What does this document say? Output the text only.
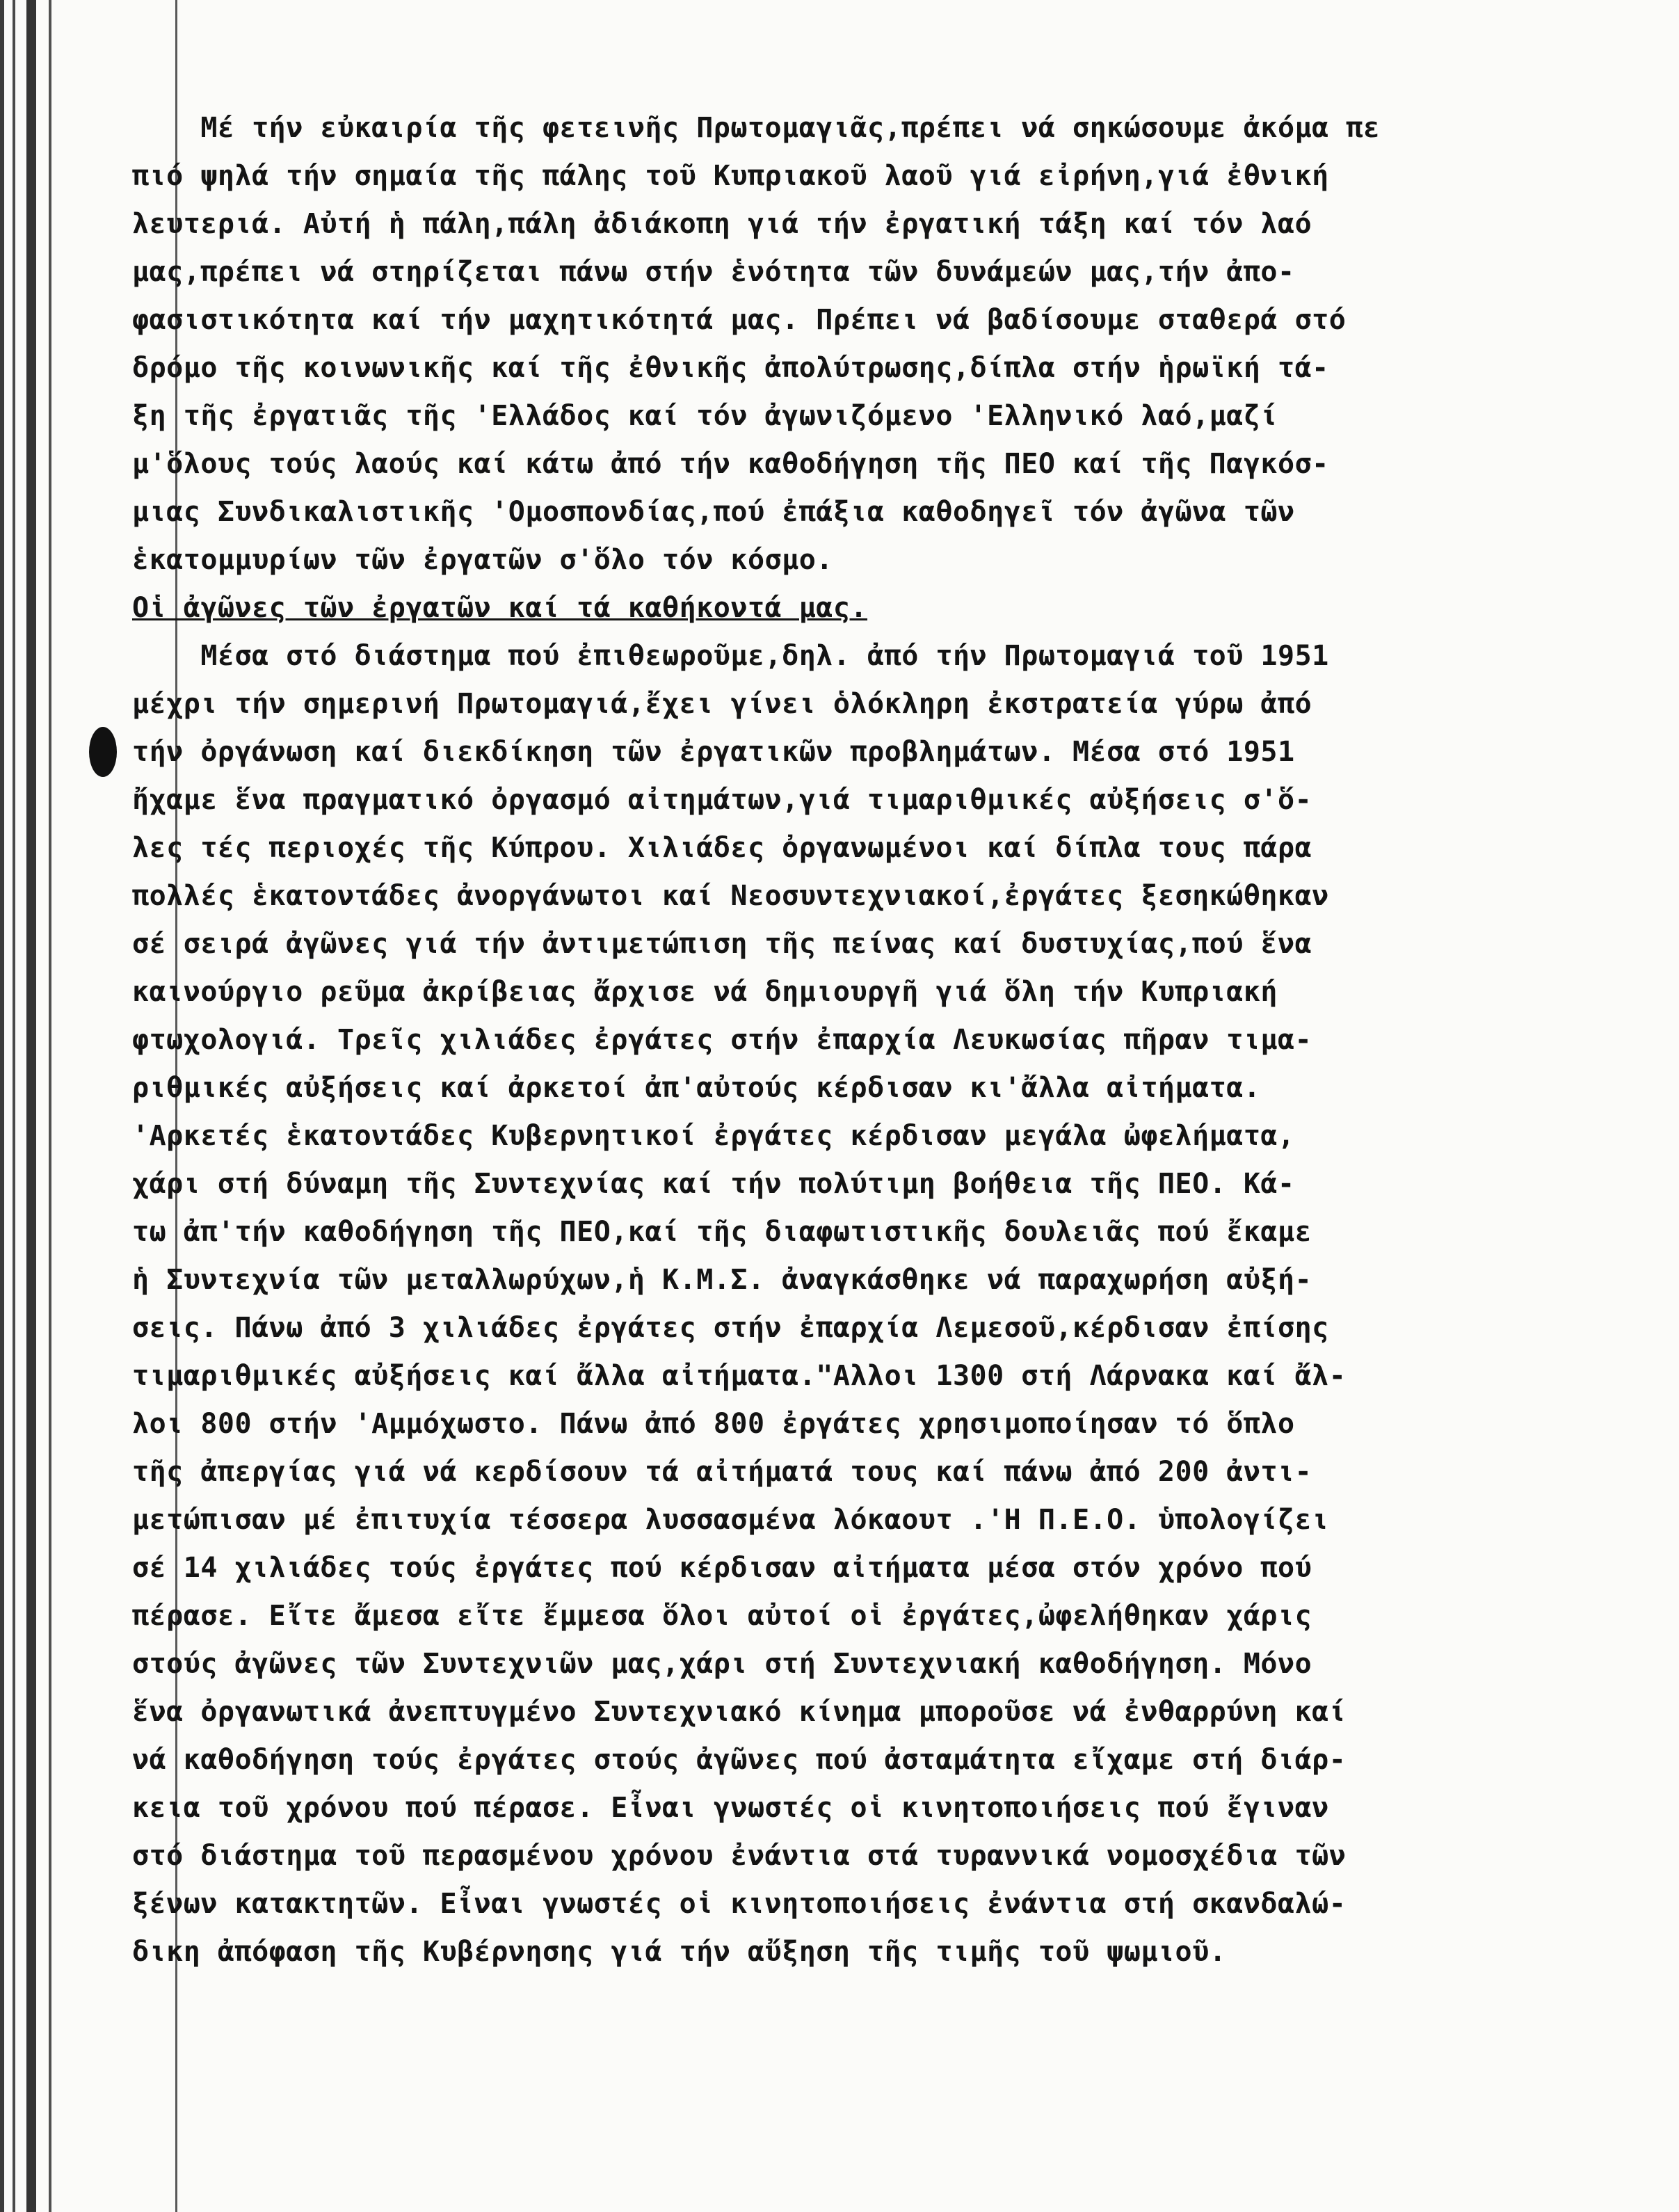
Μέ τήν εὐκαιρία τῆς φετεινῆς Πρωτομαγιᾶς,πρέπει νά σηκώσουμε ἀκόμα πε
πιό ψηλά τήν σημαία τῆς πάλης τοῦ Κυπριακοῦ λαοῦ γιά εἰρήνη,γιά ἐθνική
λευτεριά. Αὐτή ἡ πάλη,πάλη ἀδιάκοπη γιά τήν ἐργατική τάξη καί τόν λαό
μας,πρέπει νά στηρίζεται πάνω στήν ἑνότητα τῶν δυνάμεών μας,τήν ἀπο-
φασιστικότητα καί τήν μαχητικότητά μας. Πρέπει νά βαδίσουμε σταθερά στό
δρόμο τῆς κοινωνικῆς καί τῆς ἐθνικῆς ἀπολύτρωσης,δίπλα στήν ἡρωϊκή τά-
ξη τῆς ἐργατιᾶς τῆς 'Ελλάδος καί τόν ἀγωνιζόμενο 'Ελληνικό λαό,μαζί
μ'ὅλους τούς λαούς καί κάτω ἀπό τήν καθοδήγηση τῆς ΠΕΟ καί τῆς Παγκόσ-
μιας Συνδικαλιστικῆς 'Ομοσπονδίας,πού ἐπάξια καθοδηγεῖ τόν ἀγῶνα τῶν
ἑκατομμυρίων τῶν ἐργατῶν σ'ὅλο τόν κόσμο.
Οἱ ἀγῶνες τῶν ἐργατῶν καί τά καθήκοντά μας.
Μέσα στό διάστημα πού ἐπιθεωροῦμε,δηλ. ἀπό τήν Πρωτομαγιά τοῦ 1951
μέχρι τήν σημερινή Πρωτομαγιά,ἔχει γίνει ὁλόκληρη ἐκστρατεία γύρω ἀπό
τήν ὀργάνωση καί διεκδίκηση τῶν ἐργατικῶν προβλημάτων. Μέσα στό 1951
ἤχαμε ἕνα πραγματικό ὀργασμό αἰτημάτων,γιά τιμαριθμικές αὐξήσεις σ'ὅ-
λες τές περιοχές τῆς Κύπρου. Χιλιάδες ὀργανωμένοι καί δίπλα τους πάρα
πολλές ἑκατοντάδες ἀνοργάνωτοι καί Νεοσυντεχνιακοί,ἐργάτες ξεσηκώθηκαν
σέ σειρά ἀγῶνες γιά τήν ἀντιμετώπιση τῆς πείνας καί δυστυχίας,πού ἕνα
καινούργιο ρεῦμα ἀκρίβειας ἄρχισε νά δημιουργῆ γιά ὅλη τήν Κυπριακή
φτωχολογιά. Τρεῖς χιλιάδες ἐργάτες στήν ἐπαρχία Λευκωσίας πῆραν τιμα-
ριθμικές αὐξήσεις καί ἀρκετοί ἀπ'αὐτούς κέρδισαν κι'ἄλλα αἰτήματα.
'Αρκετές ἑκατοντάδες Κυβερνητικοί ἐργάτες κέρδισαν μεγάλα ὠφελήματα,
χάρι στή δύναμη τῆς Συντεχνίας καί τήν πολύτιμη βοήθεια τῆς ΠΕΟ. Κά-
τω ἀπ'τήν καθοδήγηση τῆς ΠΕΟ,καί τῆς διαφωτιστικῆς δουλειᾶς πού ἔκαμε
ἡ Συντεχνία τῶν μεταλλωρύχων,ἡ Κ.Μ.Σ. ἀναγκάσθηκε νά παραχωρήση αὐξή-
σεις. Πάνω ἀπό 3 χιλιάδες ἐργάτες στήν ἐπαρχία Λεμεσοῦ,κέρδισαν ἐπίσης
τιμαριθμικές αὐξήσεις καί ἄλλα αἰτήματα."Αλλοι 1300 στή Λάρνακα καί ἄλ-
λοι 800 στήν 'Αμμόχωστο. Πάνω ἀπό 800 ἐργάτες χρησιμοποίησαν τό ὅπλο
τῆς ἀπεργίας γιά νά κερδίσουν τά αἰτήματά τους καί πάνω ἀπό 200 ἀντι-
μετώπισαν μέ ἐπιτυχία τέσσερα λυσσασμένα λόκαουτ .'Η Π.Ε.Ο. ὑπολογίζει
σέ 14 χιλιάδες τούς ἐργάτες πού κέρδισαν αἰτήματα μέσα στόν χρόνο πού
πέρασε. Εἴτε ἄμεσα εἴτε ἔμμεσα ὅλοι αὐτοί οἱ ἐργάτες,ὠφελήθηκαν χάρις
στούς ἀγῶνες τῶν Συντεχνιῶν μας,χάρι στή Συντεχνιακή καθοδήγηση. Μόνο
ἕνα ὀργανωτικά ἀνεπτυγμένο Συντεχνιακό κίνημα μποροῦσε νά ἐνθαρρύνη καί
νά καθοδήγηση τούς ἐργάτες στούς ἀγῶνες πού ἀσταμάτητα εἴχαμε στή διάρ-
κεια τοῦ χρόνου πού πέρασε. Εἶναι γνωστές οἱ κινητοποιήσεις πού ἔγιναν
στό διάστημα τοῦ περασμένου χρόνου ἐνάντια στά τυραννικά νομοσχέδια τῶν
ξένων κατακτητῶν. Εἶναι γνωστές οἱ κινητοποιήσεις ἐνάντια στή σκανδαλώ-
δικη ἀπόφαση τῆς Κυβέρνησης γιά τήν αὔξηση τῆς τιμῆς τοῦ ψωμιοῦ.
